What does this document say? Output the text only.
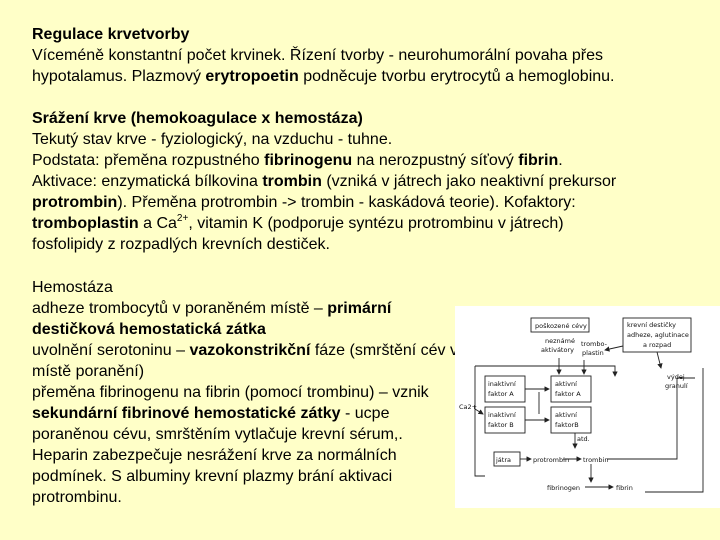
Regulace krvetvorby
Víceméně konstantní počet krvinek. Řízení tvorby - neurohumorální povaha přes
hypotalamus. Plazmový erytropoetin podněcuje tvorbu erytrocytů a hemoglobinu.
Srážení krve (hemokoagulace x hemostáza)
Tekutý stav krve - fyziologický, na vzduchu - tuhne.
Podstata: přeměna rozpustného fibrinogenu na nerozpustný síťový fibrin.
Aktivace: enzymatická bílkovina trombin (vzniká v játrech jako neaktivní prekursor
protrombin). Přeměna protrombin -> trombin - kaskádová teorie). Kofaktory:
tromboplastin a $Ca^{2+}$, vitamin K (podporuje syntézu protrombinu v játrech)
fosfolipidy z rozpadlých krevních destiček.
Hemostáza
adheze trombocytů v poraněném místě – primární destičková hemostatická zátka
uvolnění serotoninu – vazokonstrikční fáze (smrštění cév v místě poranění)
přeměna fibrinogenu na fibrin (pomocí trombinu) – vznik sekundární fibrinové hemostatické zátky - ucpe poraněnou cévu, smrštěním vytlačuje krevní sérum,.
Heparin zabezpečuje nesrážení krve za normálních podmínek. S albuminy krevní plazmy brání aktivaci protrombinu.
poškozené cévy	krevní destičky
adheze, aglutinace
a rozpad
neznámé
aktivátory
trombo-
plastin
inaktivní
faktor A
aktivní
faktor A
výdej
granulí
Ca2+
inaktivní
faktor B
aktivní
faktorB
atd.
játra	protrombin trombin
fibrinogen	fibrin
